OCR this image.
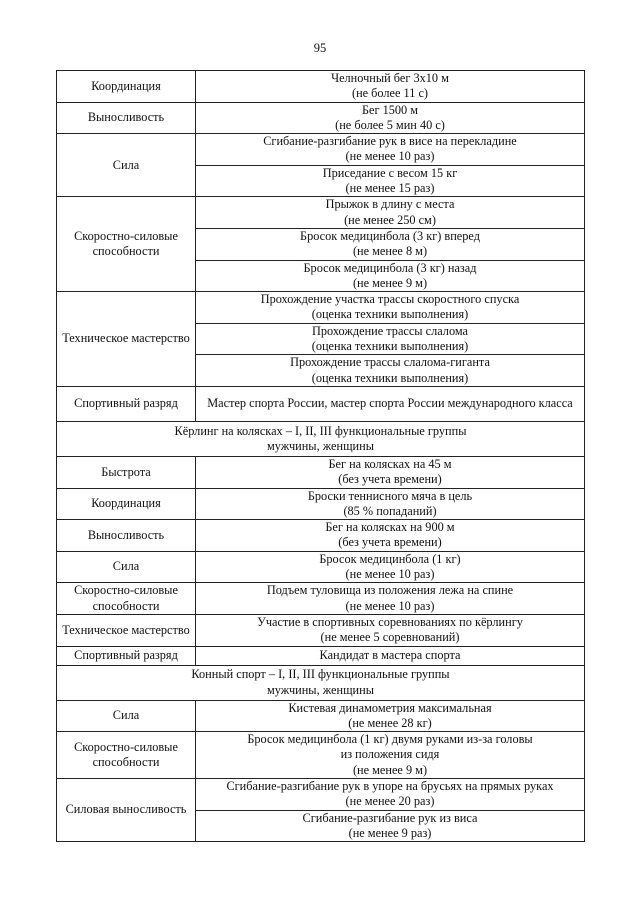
95
Координация	Челночный бег 3х10 м
(не более 11 с)

Выносливость	Бег 1500 м
(не более 5 мин 40 с)

Сила	Сгибание-разгибание рук в висе на перекладине
(не менее 10 раз)

	Приседание с весом 15 кг
(не менее 15 раз)

Скоростно-силовые способности	Прыжок в длину с места
(не менее 250 см)

	Бросок медицинбола (3 кг) вперед
(не менее 8 м)

	Бросок медицинбола (3 кг) назад
(не менее 9 м)

Техническое мастерство	Прохождение участка трассы скоростного спуска
(оценка техники выполнения)

	Прохождение трассы слалома
(оценка техники выполнения)

	Прохождение трассы слалома-гиганта
(оценка техники выполнения)

Спортивный разряд	Мастер спорта России, мастер спорта России международного класса

Кёрлинг на колясках – I, II, III функциональные группы
мужчины, женщины	

Быстрота	Бег на колясках на 45 м
(без учета времени)

Координация	Броски теннисного мяча в цель
(85 % попаданий)

Выносливость	Бег на колясках на 900 м
(без учета времени)

Сила	Бросок медицинбола (1 кг)
(не менее 10 раз)

Скоростно-силовые способности	Подъем туловища из положения лежа на спине
(не менее 10 раз)

Техническое мастерство	Участие в спортивных соревнованиях по кёрлингу
(не менее 5 соревнований)

Спортивный разряд	Кандидат в мастера спорта

Конный спорт – I, II, III функциональные группы
мужчины, женщины	

Сила	Кистевая динамометрия максимальная
(не менее 28 кг)

Скоростно-силовые способности	Бросок медицинбола (1 кг) двумя руками из-за головы
из положения сидя
(не менее 9 м)

Силовая выносливость	Сгибание-разгибание рук в упоре на брусьях на прямых руках
(не менее 20 раз)

	Сгибание-разгибание рук из виса
(не менее 9 раз)
